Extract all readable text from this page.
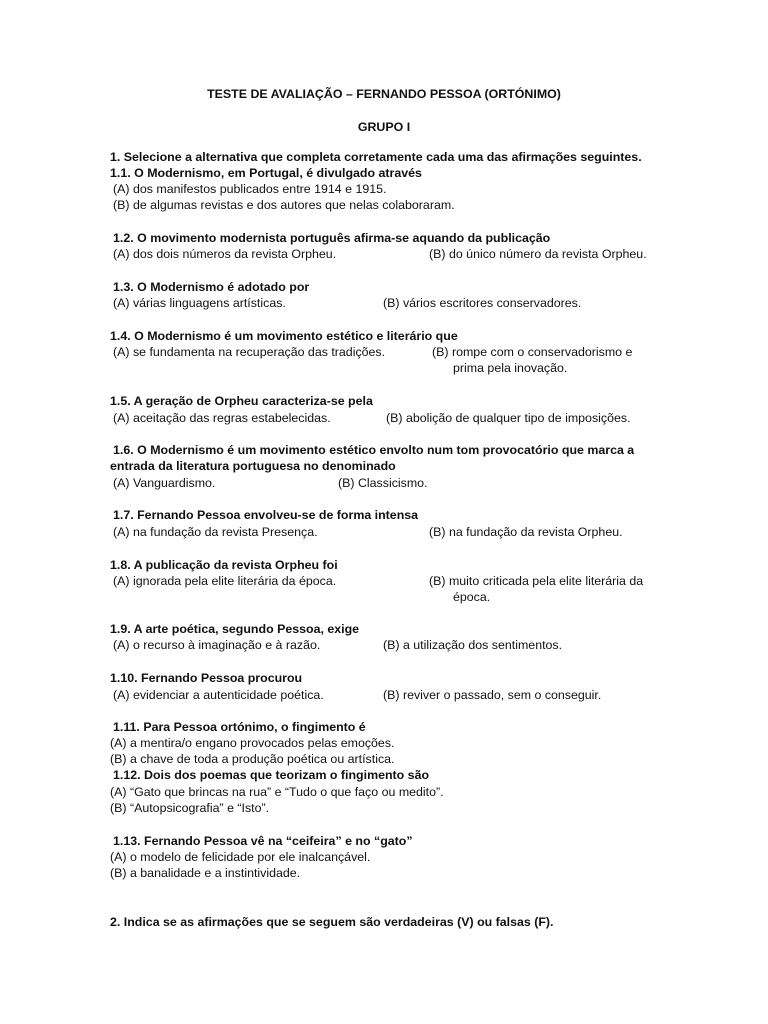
TESTE DE AVALIAÇÃO – FERNANDO PESSOA (ORTÓNIMO)
GRUPO I
1. Selecione a alternativa que completa corretamente cada uma das afirmações seguintes.
1.1. O Modernismo, em Portugal, é divulgado através
(A) dos manifestos publicados entre 1914 e 1915.
(B) de algumas revistas e dos autores que nelas colaboraram.
1.2. O movimento modernista português afirma-se aquando da publicação
(A) dos dois números da revista Orpheu.	(B) do único número da revista Orpheu.
1.3. O Modernismo é adotado por
(A) várias linguagens artísticas.	(B) vários escritores conservadores.
1.4. O Modernismo é um movimento estético e literário que
(A) se fundamenta na recuperação das tradições.	(B) rompe com o conservadorismo e
prima pela inovação.
1.5. A geração de Orpheu caracteriza-se pela
(A) aceitação das regras estabelecidas.	(B) abolição de qualquer tipo de imposições.
1.6. O Modernismo é um movimento estético envolto num tom provocatório que marca a
entrada da literatura portuguesa no denominado
(A) Vanguardismo.	(B) Classicismo.
1.7. Fernando Pessoa envolveu-se de forma intensa
(A) na fundação da revista Presença.	(B) na fundação da revista Orpheu.
1.8. A publicação da revista Orpheu foi
(A) ignorada pela elite literária da época.	(B) muito criticada pela elite literária da
época.
1.9. A arte poética, segundo Pessoa, exige
(A) o recurso à imaginação e à razão.	(B) a utilização dos sentimentos.
1.10. Fernando Pessoa procurou
(A) evidenciar a autenticidade poética.	(B) reviver o passado, sem o conseguir.
1.11. Para Pessoa ortónimo, o fingimento é
(A) a mentira/o engano provocados pelas emoções.
(B) a chave de toda a produção poética ou artística.
1.12. Dois dos poemas que teorizam o fingimento são
(A) “Gato que brincas na rua” e “Tudo o que faço ou medito”.
(B) “Autopsicografia” e “Isto”.
1.13. Fernando Pessoa vê na “ceifeira” e no “gato”
(A) o modelo de felicidade por ele inalcançável.
(B) a banalidade e a instintividade.
2. Indica se as afirmações que se seguem são verdadeiras (V) ou falsas (F).
